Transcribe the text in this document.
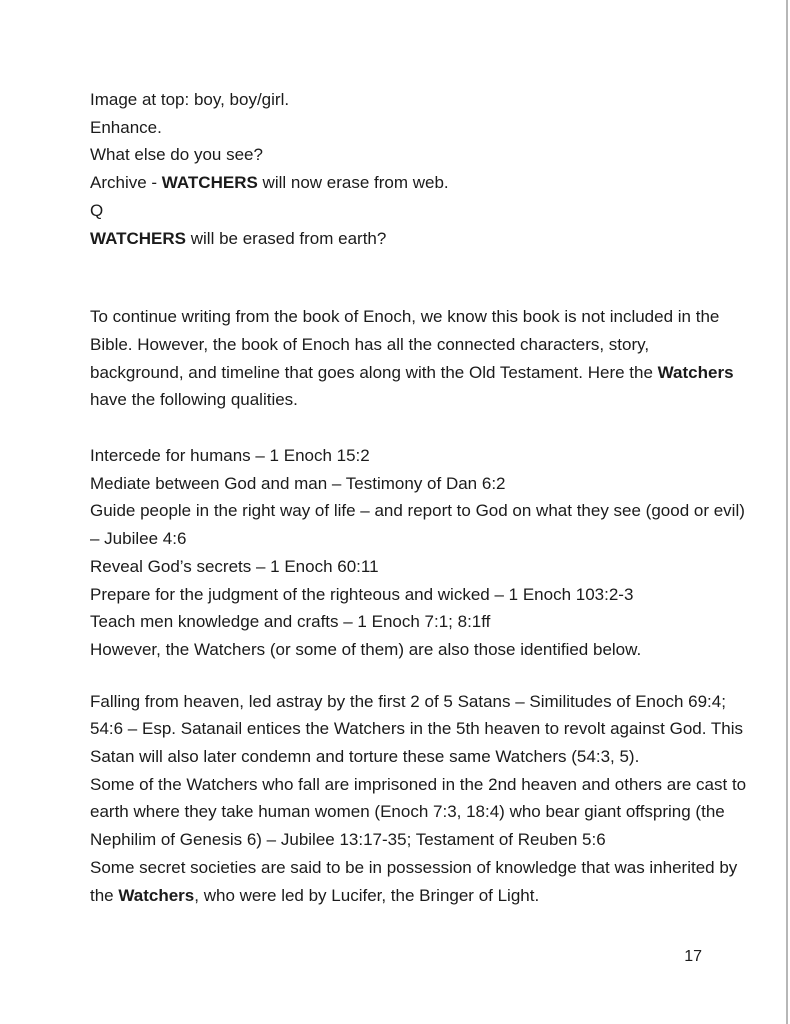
Image at top: boy, boy/girl.
Enhance.
What else do you see?
Archive - WATCHERS will now erase from web.
Q
WATCHERS will be erased from earth?
To continue writing from the book of Enoch, we know this book is not included in the
Bible. However, the book of Enoch has all the connected characters, story,
background, and timeline that goes along with the Old Testament. Here the Watchers
have the following qualities.
Intercede for humans – 1 Enoch 15:2
Mediate between God and man – Testimony of Dan 6:2
Guide people in the right way of life – and report to God on what they see (good or evil)
– Jubilee 4:6
Reveal God’s secrets – 1 Enoch 60:11
Prepare for the judgment of the righteous and wicked – 1 Enoch 103:2-3
Teach men knowledge and crafts – 1 Enoch 7:1; 8:1ff
However, the Watchers (or some of them) are also those identified below.
Falling from heaven, led astray by the first 2 of 5 Satans – Similitudes of Enoch 69:4;
54:6 – Esp. Satanail entices the Watchers in the 5th heaven to revolt against God. This
Satan will also later condemn and torture these same Watchers (54:3, 5).
Some of the Watchers who fall are imprisoned in the 2nd heaven and others are cast to
earth where they take human women (Enoch 7:3, 18:4) who bear giant offspring (the
Nephilim of Genesis 6) – Jubilee 13:17-35; Testament of Reuben 5:6
Some secret societies are said to be in possession of knowledge that was inherited by
the Watchers, who were led by Lucifer, the Bringer of Light.
17
